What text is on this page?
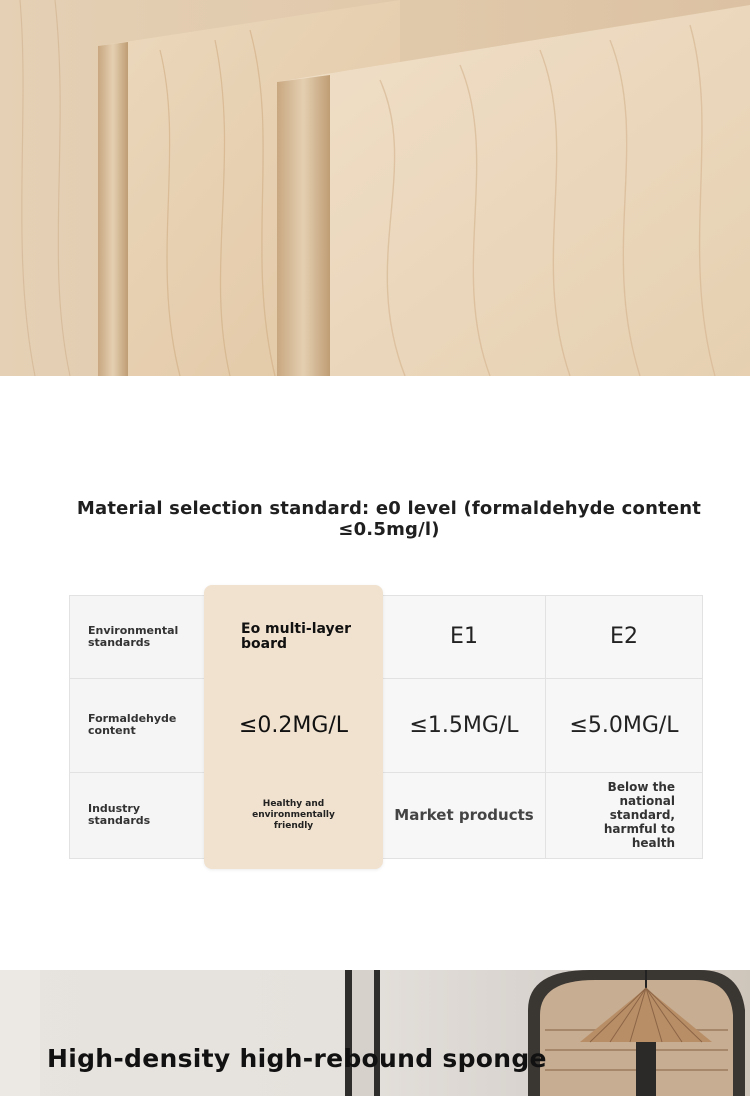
Material selection standard: e0 level (formaldehyde content ≤0.5mg/l)
Environmental standards
Formaldehyde content
Industry standards
Eo multi-layer board
≤0.2MG/L
Healthy and environmentally friendly
E1
≤1.5MG/L
Market products
E2
≤5.0MG/L
Below the national standard, harmful to health
High-density high-rebound sponge
